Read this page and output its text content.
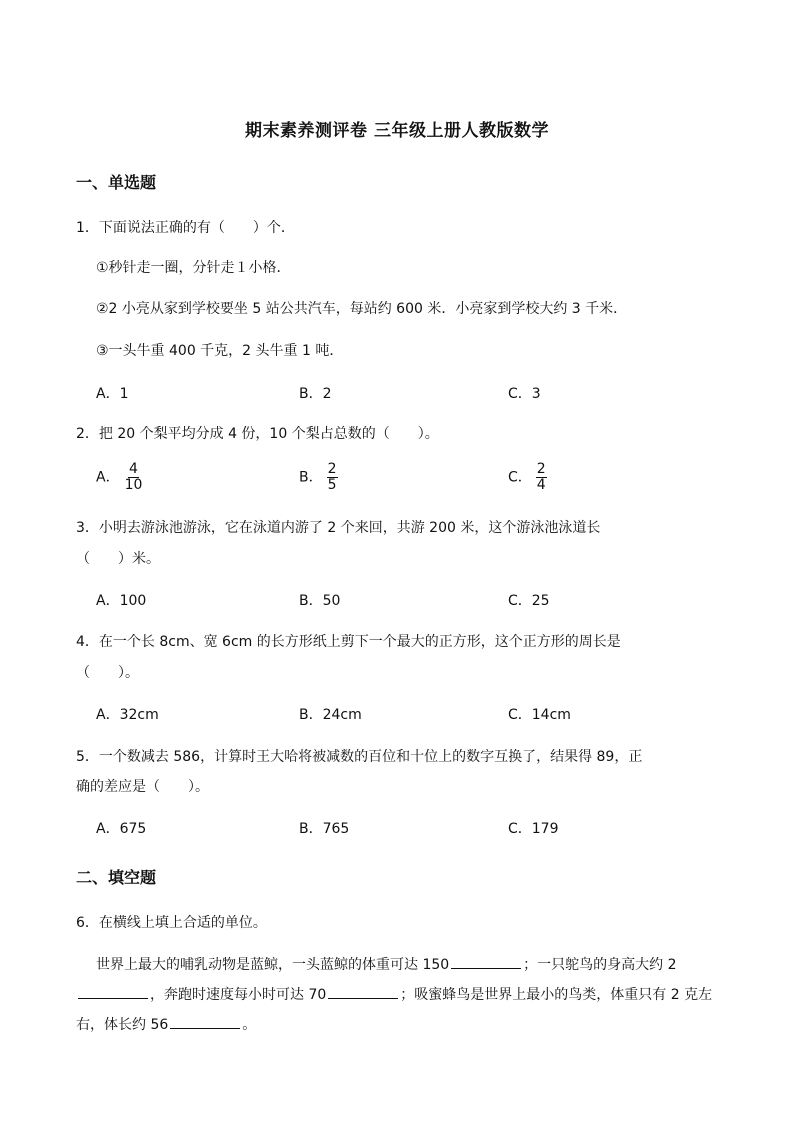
期末素养测评卷 三年级上册人教版数学
一、单选题
1．下面说法正确的有（　　）个．
①秒针走一圈，分针走１小格．
②2 小亮从家到学校要坐 5 站公共汽车，每站约 600 米．小亮家到学校大约 3 千米．
③一头牛重 400 千克，2 头牛重 1 吨．
A．1	B．2	C．3
2．把 20 个梨平均分成 4 份，10 个梨占总数的（　　）。
A． $\frac{4}{10}$	B． $\frac{2}{5}$	C． $\frac{2}{4}$
3．小明去游泳池游泳，它在泳道内游了 2 个来回，共游 200 米，这个游泳池泳道长
（　　）米。
A．100	B．50	C．25
4．在一个长 8cm、宽 6cm 的长方形纸上剪下一个最大的正方形，这个正方形的周长是
（　　）。
A．32cm	B．24cm	C．14cm
5．一个数减去 586，计算时王大哈将被减数的百位和十位上的数字互换了，结果得 89，正
确的差应是（　　）。
A．675	B．765	C．179
二、填空题
6．在横线上填上合适的单位。
世界上最大的哺乳动物是蓝鲸，一头蓝鲸的体重可达 150	；一只鸵鸟的身高大约 2，奔跑时速度每小时可达 70	；吸蜜蜂鸟是世界上最小的鸟类，体重只有 2 克左右，体长约 56	。
